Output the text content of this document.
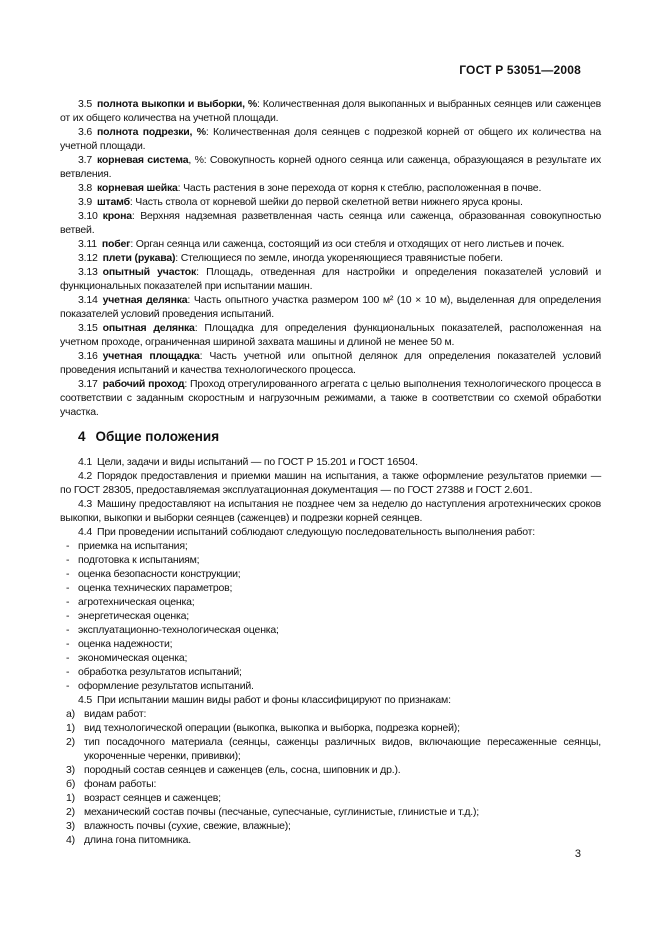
ГОСТ Р 53051—2008

3.5 полнота выкопки и выборки, %: Количественная доля выкопанных и выбранных сеянцев или саженцев от их общего количества на учетной площади.

3.6 полнота подрезки, %: Количественная доля сеянцев с подрезкой корней от общего их количества на учетной площади.

3.7 корневая система, %: Совокупность корней одного сеянца или саженца, образующаяся в результате их ветвления.

3.8 корневая шейка: Часть растения в зоне перехода от корня к стеблю, расположенная в почве.

3.9 штамб: Часть ствола от корневой шейки до первой скелетной ветви нижнего яруса кроны.

3.10 крона: Верхняя надземная разветвленная часть сеянца или саженца, образованная совокупностью ветвей.

3.11 побег: Орган сеянца или саженца, состоящий из оси стебля и отходящих от него листьев и почек.

3.12 плети (рукава): Стелющиеся по земле, иногда укореняющиеся травянистые побеги.

3.13 опытный участок: Площадь, отведенная для настройки и определения показателей условий и функциональных показателей при испытании машин.

3.14 учетная делянка: Часть опытного участка размером 100 м² (10 × 10 м), выделенная для определения показателей условий проведения испытаний.

3.15 опытная делянка: Площадка для определения функциональных показателей, расположенная на учетном проходе, ограниченная шириной захвата машины и длиной не менее 50 м.

3.16 учетная площадка: Часть учетной или опытной делянок для определения показателей условий проведения испытаний и качества технологического процесса.

3.17 рабочий проход: Проход отрегулированного агрегата с целью выполнения технологического процесса в соответствии с заданным скоростным и нагрузочным режимами, а также в соответствии со схемой обработки участка.

4 Общие положения

4.1 Цели, задачи и виды испытаний — по ГОСТ Р 15.201 и ГОСТ 16504.

4.2 Порядок предоставления и приемки машин на испытания, а также оформление результатов приемки — по ГОСТ 28305, предоставляемая эксплуатационная документация — по ГОСТ 27388 и ГОСТ 2.601.

4.3 Машину предоставляют на испытания не позднее чем за неделю до наступления агротехнических сроков выкопки, выкопки и выборки сеянцев (саженцев) и подрезки корней сеянцев.

4.4 При проведении испытаний соблюдают следующую последовательность выполнения работ:

- приемка на испытания;

- подготовка к испытаниям;

- оценка безопасности конструкции;

- оценка технических параметров;

- агротехническая оценка;

- энергетическая оценка;

- эксплуатационно-технологическая оценка;

- оценка надежности;

- экономическая оценка;

- обработка результатов испытаний;

- оформление результатов испытаний.

4.5 При испытании машин виды работ и фоны классифицируют по признакам:

а) видам работ:

1) вид технологической операции (выкопка, выкопка и выборка, подрезка корней);

2) тип посадочного материала (сеянцы, саженцы различных видов, включающие пересаженные сеянцы, укороченные черенки, прививки);

3) породный состав сеянцев и саженцев (ель, сосна, шиповник и др.).

б) фонам работы:

1) возраст сеянцев и саженцев;

2) механический состав почвы (песчаные, супесчаные, суглинистые, глинистые и т.д.);

3) влажность почвы (сухие, свежие, влажные);

4) длина гона питомника.

3
